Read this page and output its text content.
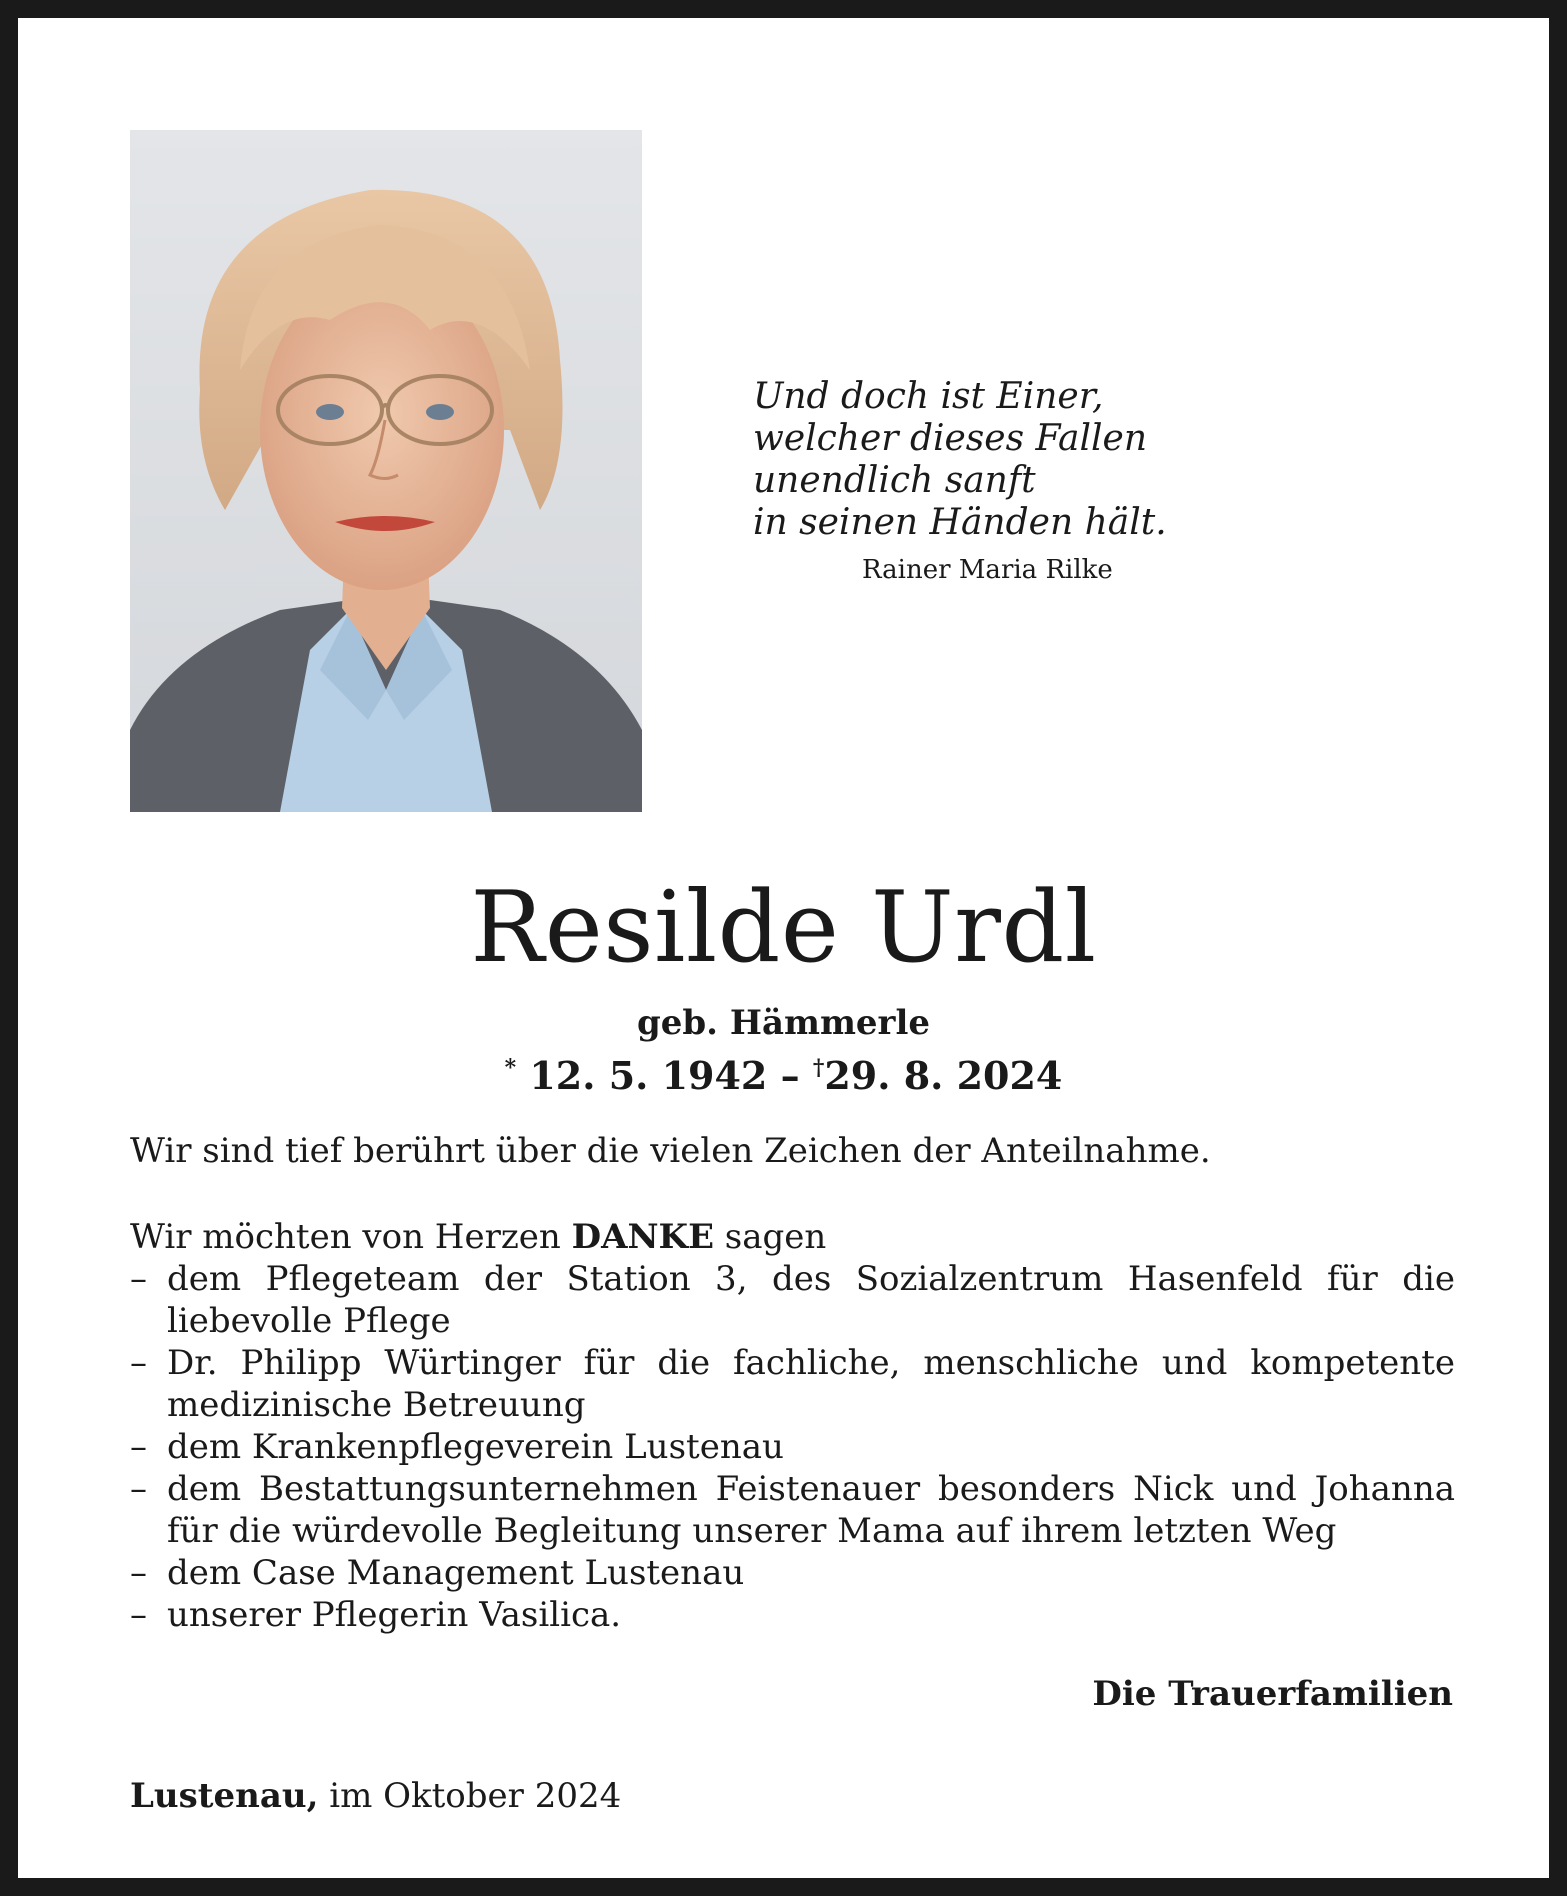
Und doch ist Einer,
welcher dieses Fallen
unendlich sanft
in seinen Händen hält.
Rainer Maria Rilke
Resilde Urdl
geb. Hämmerle
* 12. 5. 1942 – †29. 8. 2024
Wir sind tief berührt über die vielen Zeichen der Anteilnahme.
Wir möchten von Herzen DANKE sagen
– dem Pflegeteam der Station 3, des Sozialzentrum Hasenfeld für die liebevolle Pflege
– Dr. Philipp Würtinger für die fachliche, menschliche und kompetente medizinische Betreuung
– dem Krankenpflegeverein Lustenau
– dem Bestattungsunternehmen Feistenauer besonders Nick und Johanna für die würdevolle Begleitung unserer Mama auf ihrem letzten Weg
– dem Case Management Lustenau
– unserer Pflegerin Vasilica.
Die Trauerfamilien
Lustenau, im Oktober 2024
